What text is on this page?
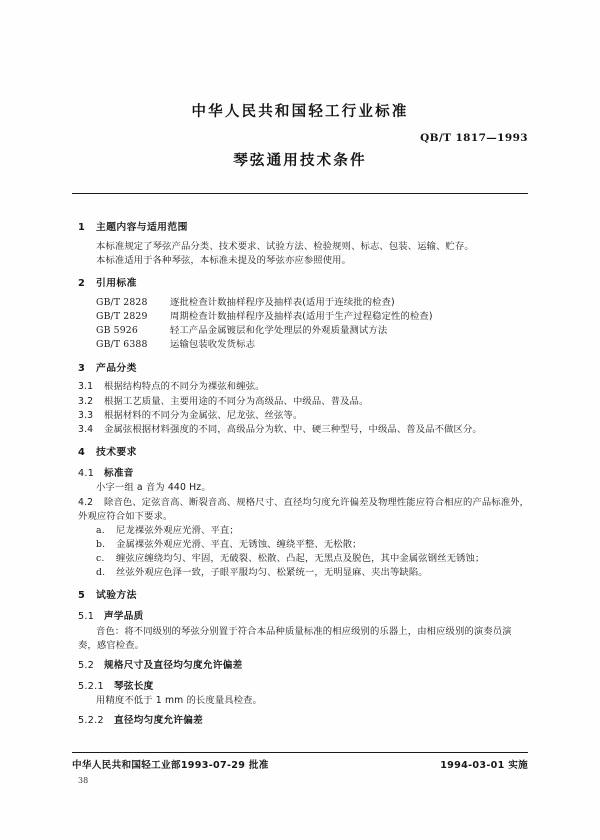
中华人民共和国轻工行业标准
QB/T 1817—1993
琴弦通用技术条件
1 主题内容与适用范围
本标准规定了琴弦产品分类、技术要求、试验方法、检验规则、标志、包装、运输、贮存。
本标准适用于各种琴弦，本标准未提及的琴弦亦应参照使用。
2 引用标准
GB/T 2828 逐批检查计数抽样程序及抽样表(适用于连续批的检查)
GB/T 2829 周期检查计数抽样程序及抽样表(适用于生产过程稳定性的检查)
GB 5926	轻工产品金属镀层和化学处理层的外观质量测试方法
GB/T 6388 运输包装收发货标志
3 产品分类
3.1 根据结构特点的不同分为裸弦和缠弦。
3.2 根据工艺质量、主要用途的不同分为高级品、中级品、普及品。
3.3 根据材料的不同分为金属弦、尼龙弦、丝弦等。
3.4 金属弦根据材料强度的不同，高级品分为软、中、硬三种型号，中级品、普及品不做区分。
4 技术要求
4.1 标准音
小字一组 a 音为 440 Hz。
4.2 除音色、定弦音高、断裂音高、规格尺寸、直径均匀度允许偏差及物理性能应符合相应的产品标准外，外观应符合如下要求。
a.	尼龙裸弦外观应光滑、平直；
b.	金属裸弦外观应光滑、平直、无锈蚀、缠绕平整、无松散；
c.	缠弦应缠绕均匀、牢固，无破裂、松散、凸起，无黑点及脱色，其中金属弦钢丝无锈蚀；
d.	丝弦外观应色泽一致，子眼平服均匀、松紧统一，无明显麻、夹出等缺陷。
5 试验方法
5.1 声学品质
音色：将不同级别的琴弦分别置于符合本品种质量标准的相应级别的乐器上，由相应级别的演奏员演奏，感官检查。
5.2 规格尺寸及直径均匀度允许偏差
5.2.1 琴弦长度
用精度不低于 1 mm 的长度量具检查。
5.2.2 直径均匀度允许偏差
中华人民共和国轻工业部1993-07-29 批准	1994-03-01 实施
38
